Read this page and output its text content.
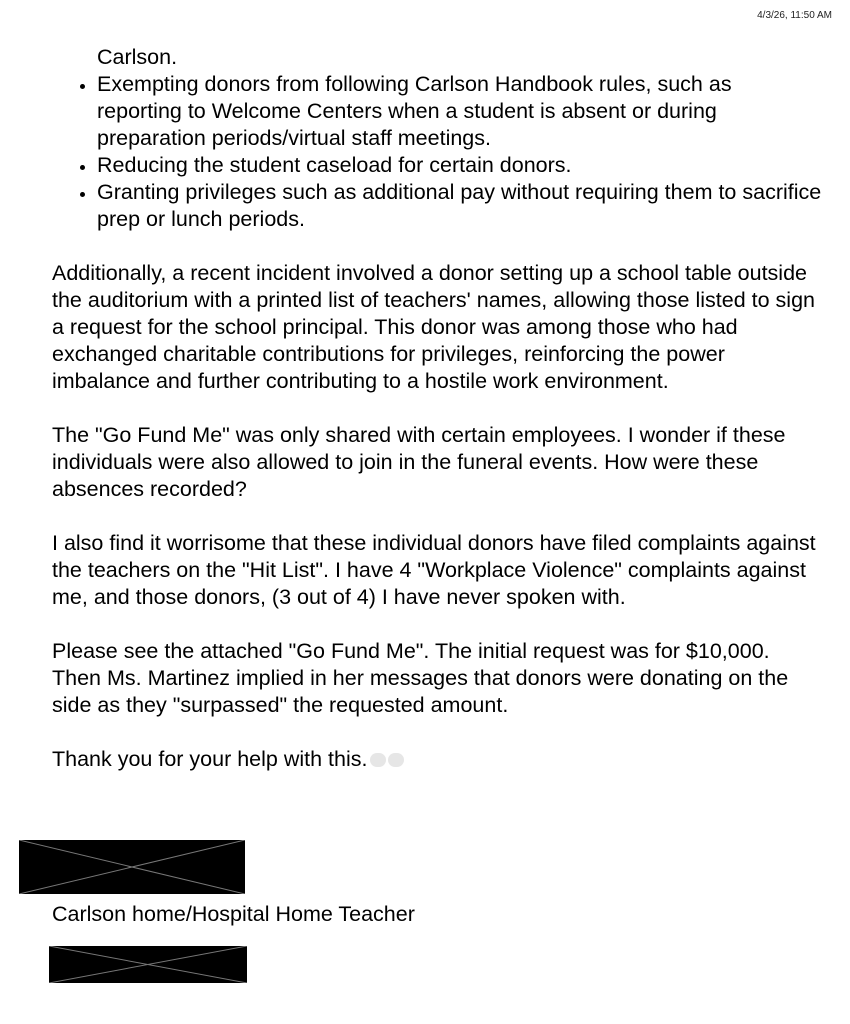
4/3/26, 11:50 AM
Carlson.
• Exempting donors from following Carlson Handbook rules, such as reporting to Welcome Centers when a student is absent or during preparation periods/virtual staff meetings.
• Reducing the student caseload for certain donors.
• Granting privileges such as additional pay without requiring them to sacrifice prep or lunch periods.

Additionally, a recent incident involved a donor setting up a school table outside the auditorium with a printed list of teachers' names, allowing those listed to sign a request for the school principal. This donor was among those who had exchanged charitable contributions for privileges, reinforcing the power imbalance and further contributing to a hostile work environment.

The "Go Fund Me" was only shared with certain employees. I wonder if these individuals were also allowed to join in the funeral events. How were these absences recorded?

I also find it worrisome that these individual donors have filed complaints against the teachers on the "Hit List". I have 4 "Workplace Violence" complaints against me, and those donors, (3 out of 4) I have never spoken with.

Please see the attached "Go Fund Me". The initial request was for $10,000. Then Ms. Martinez implied in her messages that donors were donating on the side as they "surpassed" the requested amount.

Thank you for your help with this.

Carlson home/Hospital Home Teacher
